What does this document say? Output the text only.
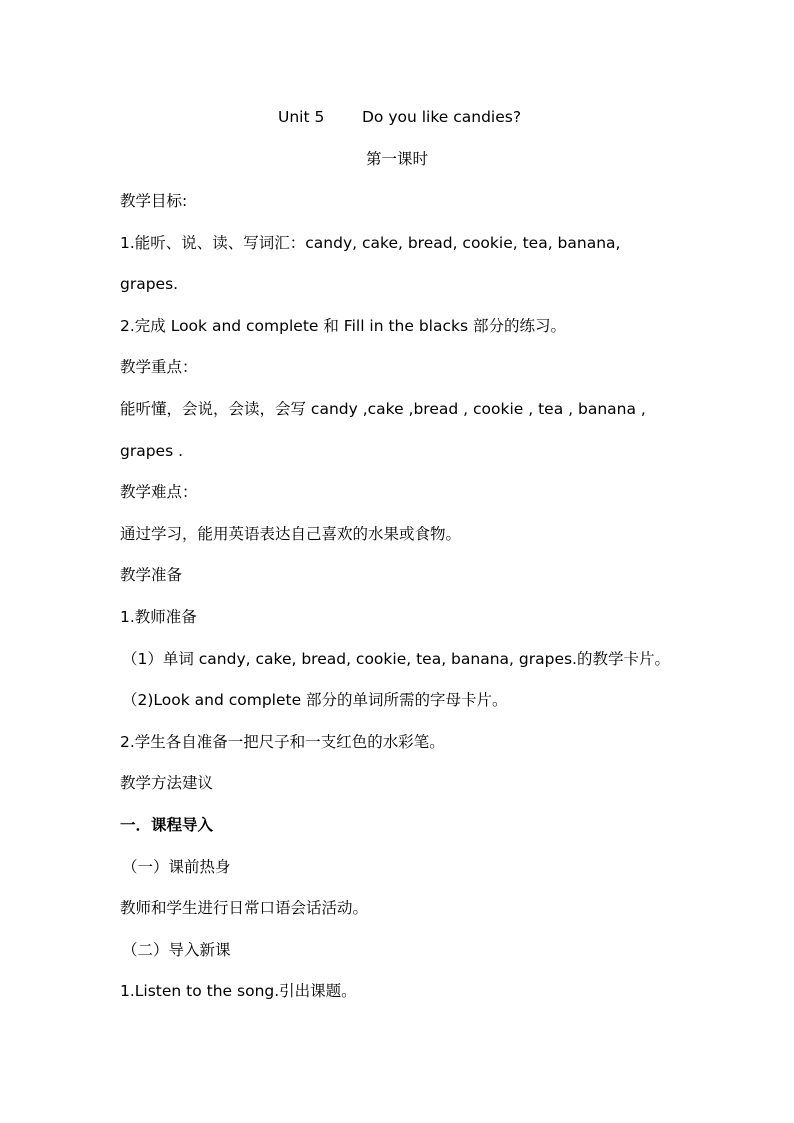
Unit 5 Do you like candies?
第一课时
教学目标:
1.能听、说、读、写词汇：candy, cake, bread, cookie, tea, banana,
grapes.
2.完成 Look and complete 和 Fill in the blacks 部分的练习。
教学重点：
能听懂，会说，会读，会写 candy ,cake ,bread , cookie , tea , banana ,
grapes .
教学难点：
通过学习，能用英语表达自己喜欢的水果或食物。
教学准备
1.教师准备
（1）单词 candy, cake, bread, cookie, tea, banana, grapes.的教学卡片。
（2)Look and complete 部分的单词所需的字母卡片。
2.学生各自准备一把尺子和一支红色的水彩笔。
教学方法建议
一．课程导入
（一）课前热身
教师和学生进行日常口语会话活动。
（二）导入新课
1.Listen to the song.引出课题。
